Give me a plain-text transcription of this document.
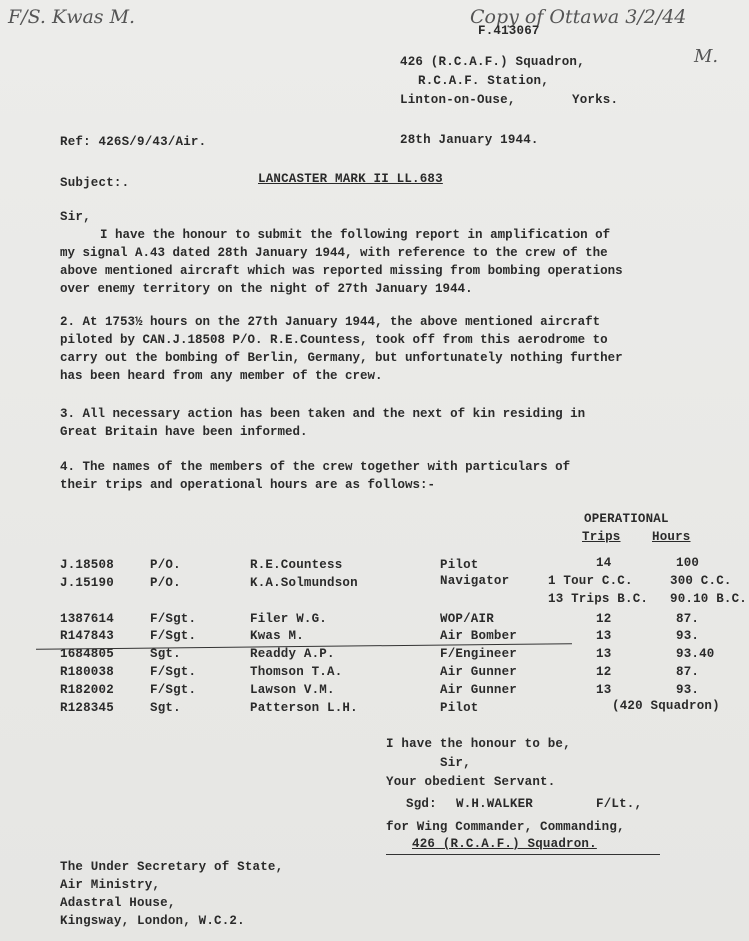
F/S. Kwas M.	Copy of Ottawa 3/2/44
M.
F.413067
426 (R.C.A.F.) Squadron,
R.C.A.F. Station,
Linton-on-Ouse,	Yorks.
Ref: 426S/9/43/Air.	28th January 1944.
Subject:.	LANCASTER MARK II LL.683
Sir,
I have the honour to submit the following report in amplification of
my signal A.43 dated 28th January 1944, with reference to the crew of the
above mentioned aircraft which was reported missing from bombing operations
over enemy territory on the night of 27th January 1944.
2. At 1753½ hours on the 27th January 1944, the above mentioned aircraft
piloted by CAN.J.18508 P/O. R.E.Countess, took off from this aerodrome to
carry out the bombing of Berlin, Germany, but unfortunately nothing further
has been heard from any member of the crew.
3. All necessary action has been taken and the next of kin residing in
Great Britain have been informed.
4. The names of the members of the crew together with particulars of
their trips and operational hours are as follows:-
OPERATIONAL
Trips	Hours
J.18508	P/O.	R.E.Countess	Pilot	14	100
J.15190	P/O.	K.A.Solmundson	Navigator	1 Tour C.C.	300 C.C.
13 Trips B.C. 90.10 B.C.
1387614	F/Sgt.	Filer W.G.	WOP/AIR	12	87.
R147843	F/Sgt.	Kwas M.	Air Bomber	13	93.
1684805	Sgt.	Readdy A.P.	F/Engineer	13	93.40
R180038	F/Sgt.	Thomson T.A.	Air Gunner	12	87.
R182002	F/Sgt.	Lawson V.M.	Air Gunner	13	93.
R128345	Sgt.	Patterson L.H.	Pilot	(420 Squadron)
I have the honour to be,
Sir,
Your obedient Servant.
Sgd: W.H.WALKER	F/Lt.,
for Wing Commander, Commanding,
426 (R.C.A.F.) Squadron.
The Under Secretary of State,
Air Ministry,
Adastral House,
Kingsway, London, W.C.2.
